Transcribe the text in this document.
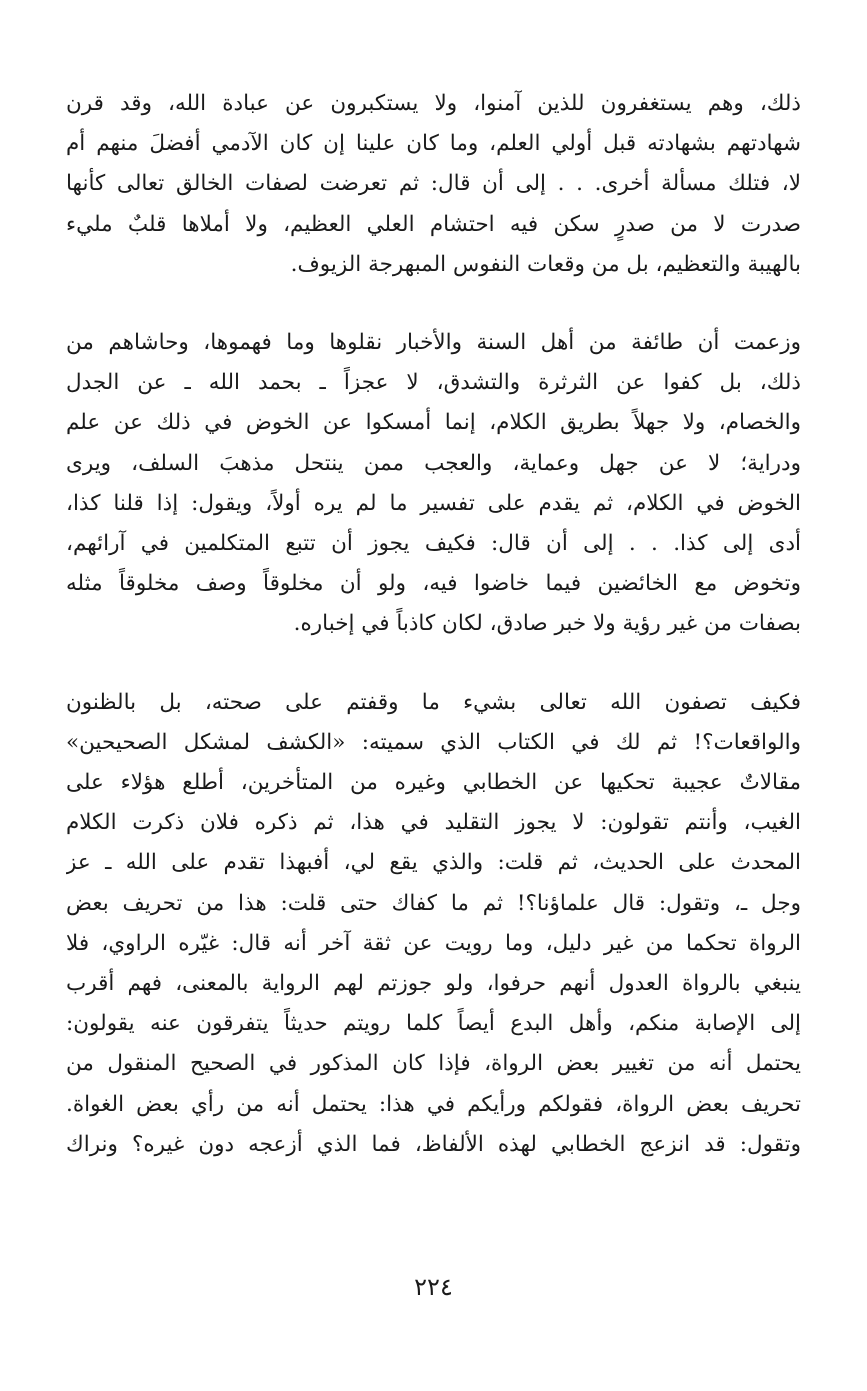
ذلك، وهم يستغفرون للذين آمنوا، ولا يستكبرون عن عبادة الله، وقد قرن
شهادتهم بشهادته قبل أولي العلم، وما كان علينا إن كان الآدمي أفضلَ منهم أم
لا، فتلك مسألة أخرى. . . إلى أن قال: ثم تعرضت لصفات الخالق تعالى كأنها
صدرت لا من صدرٍ سكن فيه احتشام العلي العظيم، ولا أملاها قلبٌ مليء
بالهيبة والتعظيم، بل من وقعات النفوس المبهرجة الزيوف.
وزعمت أن طائفة من أهل السنة والأخبار نقلوها وما فهموها، وحاشاهم من
ذلك، بل كفوا عن الثرثرة والتشدق، لا عجزاً ـ بحمد الله ـ عن الجدل
والخصام، ولا جهلاً بطريق الكلام، إنما أمسكوا عن الخوض في ذلك عن علم
ودراية؛ لا عن جهل وعماية، والعجب ممن ينتحل مذهبَ السلف، ويرى
الخوض في الكلام، ثم يقدم على تفسير ما لم يره أولاً، ويقول: إذا قلنا كذا،
أدى إلى كذا. . . إلى أن قال: فكيف يجوز أن تتبع المتكلمين في آرائهم،
وتخوض مع الخائضين فيما خاضوا فيه، ولو أن مخلوقاً وصف مخلوقاً مثله
بصفات من غير رؤية ولا خبر صادق، لكان كاذباً في إخباره.
فكيف تصفون الله تعالى بشيء ما وقفتم على صحته، بل بالظنون
والواقعات؟! ثم لك في الكتاب الذي سميته: «الكشف لمشكل الصحيحين»
مقالاتٌ عجيبة تحكيها عن الخطابي وغيره من المتأخرين، أطلع هؤلاء على
الغيب، وأنتم تقولون: لا يجوز التقليد في هذا، ثم ذكره فلان ذكرت الكلام
المحدث على الحديث، ثم قلت: والذي يقع لي، أفبهذا تقدم على الله ـ عز
وجل ـ، وتقول: قال علماؤنا؟! ثم ما كفاك حتى قلت: هذا من تحريف بعض
الرواة تحكما من غير دليل، وما رويت عن ثقة آخر أنه قال: غيّره الراوي، فلا
ينبغي بالرواة العدول أنهم حرفوا، ولو جوزتم لهم الرواية بالمعنى، فهم أقرب
إلى الإصابة منكم، وأهل البدع أيصاً كلما رويتم حديثاً يتفرقون عنه يقولون:
يحتمل أنه من تغيير بعض الرواة، فإذا كان المذكور في الصحيح المنقول من
تحريف بعض الرواة، فقولكم ورأيكم في هذا: يحتمل أنه من رأي بعض الغواة.
وتقول: قد انزعج الخطابي لهذه الألفاظ، فما الذي أزعجه دون غيره؟ ونراك
٢٢٤
